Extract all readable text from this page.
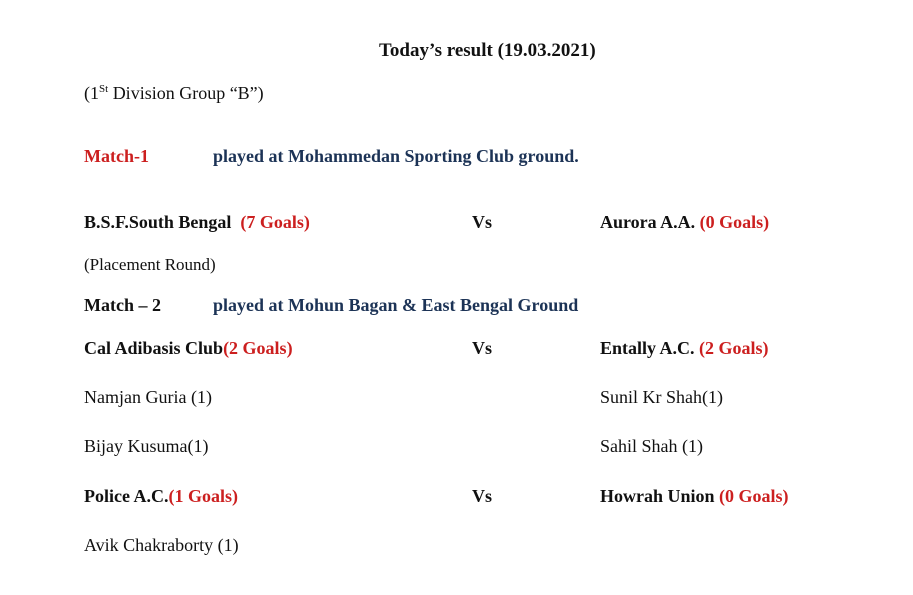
Today’s result (19.03.2021)
(1St Division Group “B”)
Match-1	played at Mohammedan Sporting Club ground.
B.S.F.South Bengal (7 Goals)	Vs	Aurora A.A. (0 Goals)
(Placement Round)
Match – 2	played at Mohun Bagan & East Bengal Ground
Cal Adibasis Club(2 Goals)	Vs	Entally A.C. (2 Goals)
Namjan Guria (1)	Sunil Kr Shah(1)
Bijay Kusuma(1)	Sahil Shah (1)
Police A.C.(1 Goals)	Vs	Howrah Union (0 Goals)
Avik Chakraborty (1)
